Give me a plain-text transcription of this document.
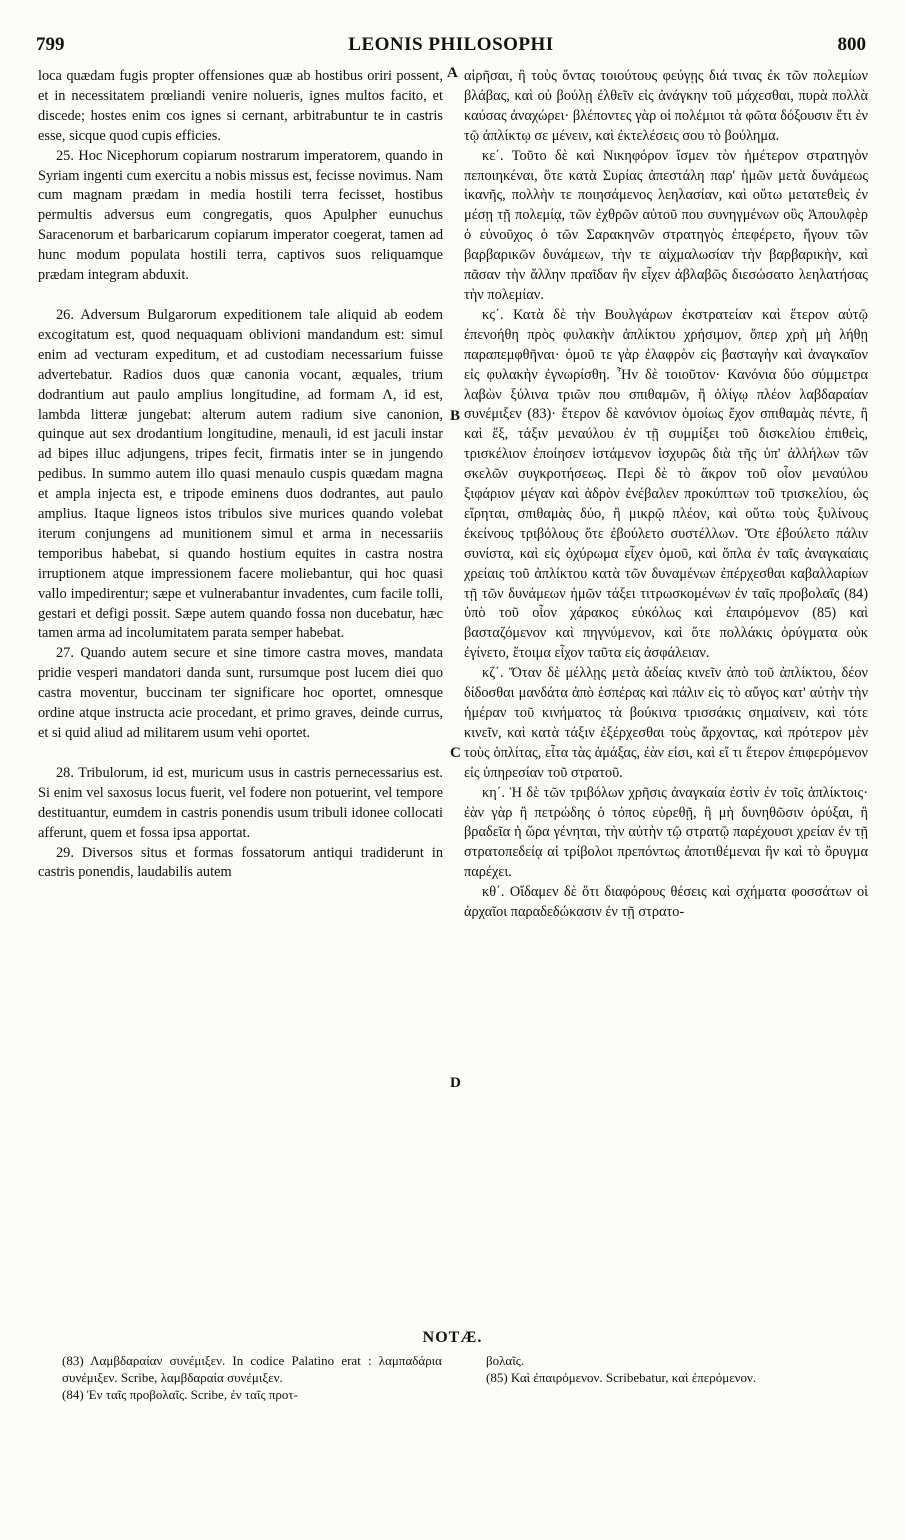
799	LEONIS PHILOSOPHI	800
A
B
C
D

loca quædam fugis propter offensiones quæ ab hostibus oriri possent, et in necessitatem prœliandi venire nolueris, ignes multos facito, et discede; hostes enim cos ignes si cernant, arbitrabuntur te in castris esse, sicque quod cupis efficies.

25. Hoc Nicephorum copiarum nostrarum imperatorem, quando in Syriam ingenti cum exercitu a nobis missus est, fecisse novimus. Nam cum magnam prædam in media hostili terra fecisset, hostibus permultis adversus eum congregatis, quos Apulpher eunuchus Saracenorum et barbaricarum copiarum imperator coegerat, tamen ad hunc modum populata hostili terra, captivos suos reliquamque prædam integram abduxit.

26. Adversum Bulgarorum expeditionem tale aliquid ab eodem excogitatum est, quod nequaquam oblivioni mandandum est: simul enim ad vecturam expeditum, et ad custodiam necessarium fuisse advertebatur. Radios duos quæ canonia vocant, æquales, trium dodrantium aut paulo amplius longitudine, ad formam Λ, id est, lambda litteræ jungebat: alterum autem radium sive canonion, quinque aut sex drodantium longitudine, menauli, id est jaculi instar ad bipes illuc adjungens, tripes fecit, firmatis inter se in jungendo pedibus. In summo autem illo quasi menaulo cuspis quædam magna et ampla injecta est, e tripode eminens duos dodrantes, aut paulo amplius. Itaque ligneos istos tribulos sive murices quando volebat iterum conjungens ad munitionem simul et arma in necessariis temporibus habebat, si quando hostium equites in castra nostra irruptionem atque impressionem facere moliebantur, qui hoc quasi vallo impedirentur; sæpe et vulnerabantur invadentes, cum facile tolli, gestari et defigi possit. Sæpe autem quando fossa non ducebatur, hæc tamen arma ad incolumitatem parata semper habebat.

27. Quando autem secure et sine timore castra moves, mandata pridie vesperi mandatori danda sunt, rursumque post lucem diei quo castra moventur, buccinam ter significare hoc oportet, omnesque ordine atque instructa acie procedant, et primo graves, deinde currus, et si quid aliud ad militarem usum vehi oportet.

28. Tribulorum, id est, muricum usus in castris pernecessarius est. Si enim vel saxosus locus fuerit, vel fodere non potuerint, vel tempore destituantur, eumdem in castris ponendis usum tribuli idonee collocati afferunt, quem et fossa ipsa apportat.

29. Diversos situs et formas fossatorum antiqui tradiderunt in castris ponendis, laudabilis autem

αἱρῆσαι, ἢ τοὺς ὄντας τοιούτους φεύγῃς διά τινας ἐκ τῶν πολεμίων βλάβας, καὶ οὐ βούλῃ ἐλθεῖν εἰς ἀνάγκην τοῦ μάχεσθαι, πυρὰ πολλὰ καύσας ἀναχώρει· βλέποντες γὰρ οἱ πολέμιοι τὰ φῶτα δόξουσιν ἔτι ἐν τῷ ἀπλίκτῳ σε μένειν, καὶ ἐκτελέσεις σου τὸ βούλημα.

κε΄. Τοῦτο δὲ καὶ Νικηφόρον ἴσμεν τὸν ἡμέτερον στρατηγὸν πεποιηκέναι, ὅτε κατὰ Συρίας ἀπεστάλη παρ' ἡμῶν μετὰ δυνάμεως ἱκανῆς, πολλὴν τε ποιησάμενος λεηλασίαν, καὶ οὕτω μετατεθεὶς ἐν μέσῃ τῇ πολεμίᾳ, τῶν ἐχθρῶν αὐτοῦ που συνηγμένων οὓς Ἀπουλφὲρ ὁ εὐνοῦχος ὁ τῶν Σαρακηνῶν στρατηγὸς ἐπεφέρετο, ἤγουν τῶν βαρβαρικῶν δυνάμεων, τὴν τε αἰχμαλωσίαν τὴν βαρβαρικὴν, καὶ πᾶσαν τὴν ἄλλην πραῖδαν ἣν εἶχεν ἀβλαβῶς διεσώσατο λεηλατήσας τὴν πολεμίαν.

κϛ΄. Κατὰ δὲ τὴν Βουλγάρων ἐκστρατείαν καὶ ἕτερον αὐτῷ ἐπενοήθη πρὸς φυλακὴν ἀπλίκτου χρήσιμον, ὅπερ χρὴ μὴ λήθῃ παραπεμφθῆναι· ὁμοῦ τε γὰρ ἐλαφρὸν εἰς βασταγὴν καὶ ἀναγκαῖον εἰς φυλακὴν ἐγνωρίσθη. Ἦν δὲ τοιοῦτον· Κανόνια δύο σύμμετρα λαβὼν ξύλινα τριῶν που σπιθαμῶν, ἢ ὀλίγῳ πλέον λαβδαραίαν συνέμιξεν (83)· ἕτερον δὲ κανόνιον ὁμοίως ἔχον σπιθαμὰς πέντε, ἢ καὶ ἕξ, τάξιν μεναύλου ἐν τῇ συμμίξει τοῦ δισκελίου ἐπιθεὶς, τρισκέλιον ἐποίησεν ἱστάμενον ἰσχυρῶς διὰ τῆς ὑπ' ἀλλήλων τῶν σκελῶν συγκροτήσεως. Περὶ δὲ τὸ ἄκρον τοῦ οἷον μεναύλου ξιφάριον μέγαν καὶ ἁδρὸν ἐνέβαλεν προκύπτων τοῦ τρισκελίου, ὡς εἴρηται, σπιθαμὰς δύο, ἢ μικρῷ πλέον, καὶ οὕτω τοὺς ξυλίνους ἐκείνους τριβόλους ὅτε ἐβούλετο συστέλλων. Ὅτε ἐβούλετο πάλιν συνίστα, καὶ εἰς ὀχύρωμα εἶχεν ὁμοῦ, καὶ ὅπλα ἐν ταῖς ἀναγκαίαις χρείαις τοῦ ἀπλίκτου κατὰ τῶν δυναμένων ἐπέρχεσθαι καβαλλαρίων τῇ τῶν δυνάμεων ἡμῶν τάξει τιτρωσκομένων ἐν ταῖς προβολαῖς (84) ὑπὸ τοῦ οἷον χάρακος εὐκόλως καὶ ἐπαιρόμενον (85) καὶ βασταζόμενον καὶ πηγνύμενον, καὶ ὅτε πολλάκις ὀρύγματα οὐκ ἐγίνετο, ἕτοιμα εἶχον ταῦτα εἰς ἀσφάλειαν.

κζ΄. Ὅταν δὲ μέλλῃς μετὰ ἀδείας κινεῖν ἀπὸ τοῦ ἀπλίκτου, δέον δίδοσθαι μανδάτα ἀπὸ ἑσπέρας καὶ πάλιν εἰς τὸ αὔγος κατ' αὐτὴν τὴν ἡμέραν τοῦ κινήματος τὰ βούκινα τρισσάκις σημαίνειν, καὶ τότε κινεῖν, καὶ κατὰ τάξιν ἐξέρχεσθαι τοὺς ἄρχοντας, καὶ πρότερον μὲν τοὺς ὁπλίτας, εἶτα τὰς ἁμάξας, ἐὰν εἰσι, καὶ εἴ τι ἕτερον ἐπιφερόμενον εἰς ὑπηρεσίαν τοῦ στρατοῦ.

κη΄. Ἡ δὲ τῶν τριβόλων χρῆσις ἀναγκαία ἐστὶν ἐν τοῖς ἀπλίκτοις· ἐὰν γὰρ ἢ πετρώδης ὁ τόπος εὑρεθῇ, ἢ μὴ δυνηθῶσιν ὀρύξαι, ἢ βραδεῖα ἡ ὥρα γένηται, τὴν αὐτὴν τῷ στρατῷ παρέχουσι χρείαν ἐν τῇ στρατοπεδείᾳ αἱ τρίβολοι πρεπόντως ἀποτιθέμεναι ἣν καὶ τὸ ὄρυγμα παρέχει.

κθ΄. Οἴδαμεν δὲ ὅτι διαφόρους θέσεις καὶ σχήματα φοσσάτων οἱ ἀρχαῖοι παραδεδώκασιν ἐν τῇ στρατο-

NOTÆ.

(83) Λαμβδαραίαν συνέμιξεν. In codice Palatino erat : λαμπαδάρια συνέμιξεν. Scribe, λαμβδαραία συνέμιξεν.

(84) Ἐν ταῖς προβολαῖς. Scribe, ἐν ταῖς προτ-

βολαῖς.

(85) Καὶ ἐπαιρόμενον. Scribebatur, καὶ ἐπερόμενον.
